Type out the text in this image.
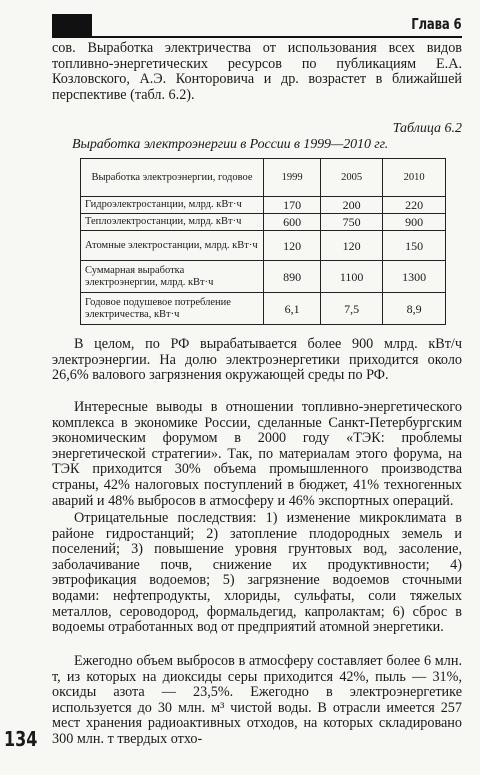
Глава 6

сов. Выработка электричества от использования всех видов топливно-энергетических ресурсов по публикациям Е.А. Козловского, А.Э. Конторовича и др. возрастет в ближайшей перспективе (табл. 6.2).

Таблица 6.2
Выработка электроэнергии в России в 1999—2010 гг.
Выработка электроэнергии, годовое	1999	2005	2010
Гидроэлектростанции, млрд. кВт·ч	170	200	220
Теплоэлектростанции, млрд. кВт·ч	600	750	900
Атомные электростанции, млрд. кВт·ч	120	120	150
Суммарная выработка электроэнергии, млрд. кВт·ч	890	1100	1300
Годовое подушевое потребление электричества, кВт·ч	6,1	7,5	8,9

В целом, по РФ вырабатывается более 900 млрд. кВт/ч электроэнергии. На долю электроэнергетики приходится около 26,6% валового загрязнения окружающей среды по РФ.

Интересные выводы в отношении топливно-энергетического комплекса в экономике России, сделанные Санкт-Петербургским экономическим форумом в 2000 году «ТЭК: проблемы энергетической стратегии». Так, по материалам этого форума, на ТЭК приходится 30% объема промышленного производства страны, 42% налоговых поступлений в бюджет, 41% техногенных аварий и 48% выбросов в атмосферу и 46% экспортных операций.

Отрицательные последствия: 1) изменение микроклимата в районе гидростанций; 2) затопление плодородных земель и поселений; 3) повышение уровня грунтовых вод, засоление, заболачивание почв, снижение их продуктивности; 4) эвтрофикация водоемов; 5) загрязнение водоемов сточными водами: нефтепродукты, хлориды, сульфаты, соли тяжелых металлов, сероводород, формальдегид, капролактам; 6) сброс в водоемы отработанных вод от предприятий атомной энергетики.

Ежегодно объем выбросов в атмосферу составляет более 6 млн. т, из которых на диоксиды серы приходится 42%, пыль — 31%, оксиды азота — 23,5%. Ежегодно в электроэнергетике используется до 30 млн. м³ чистой воды. В отрасли имеется 257 мест хранения радиоактивных отходов, на которых складировано 300 млн. т твердых отхо-

134
